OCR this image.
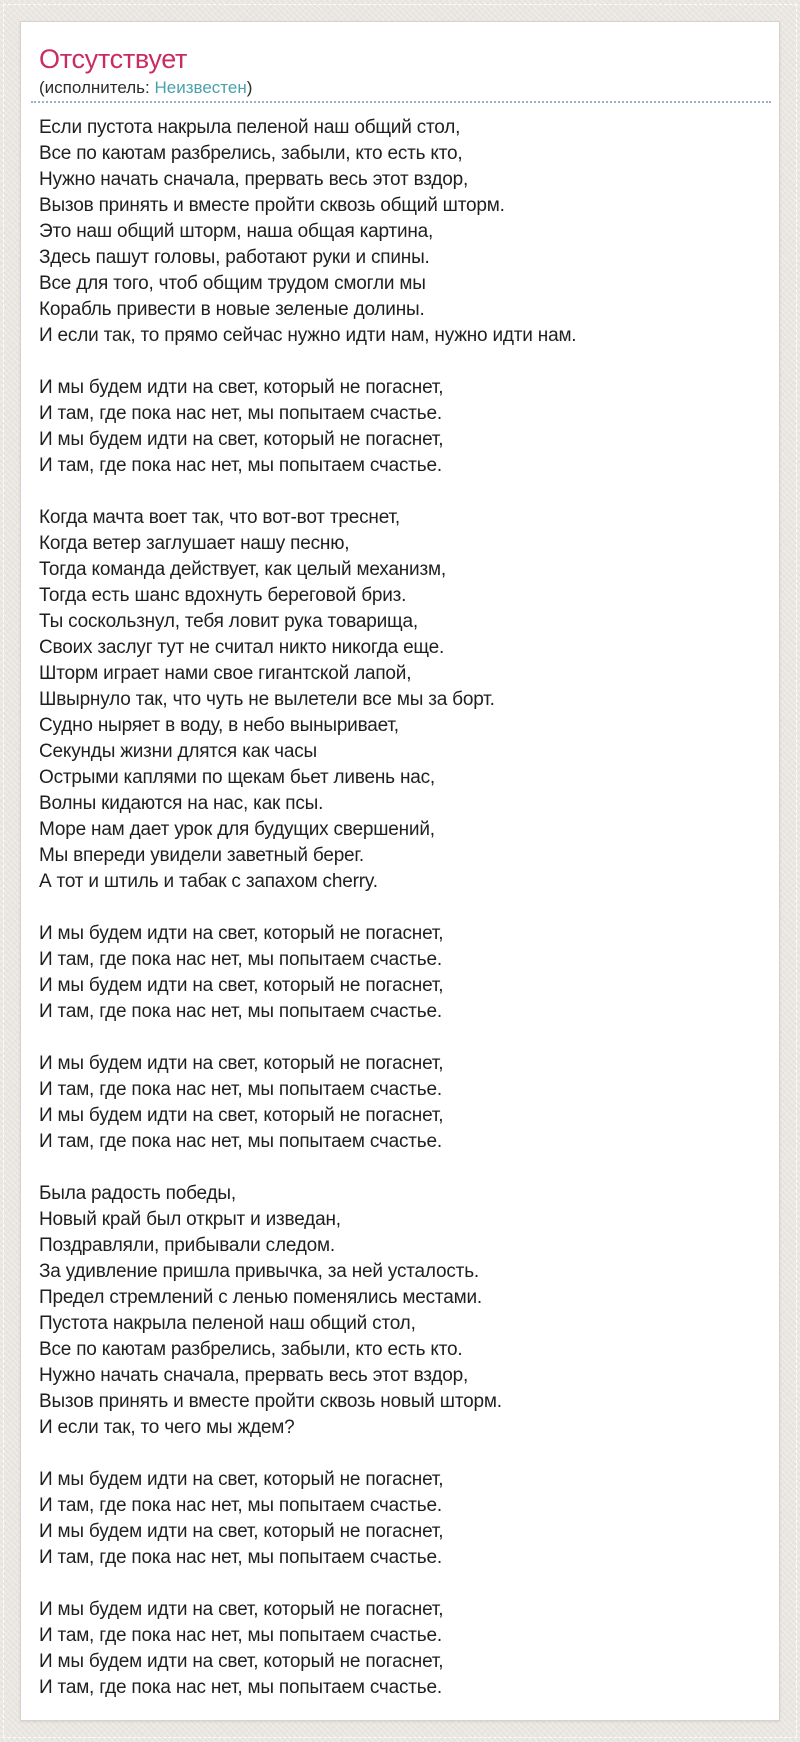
Отсутствует
(исполнитель: Неизвестен)
Если пустота накрыла пеленой наш общий стол,
Все по каютам разбрелись, забыли, кто есть кто,
Нужно начать сначала, прервать весь этот вздор,
Вызов принять и вместе пройти сквозь общий шторм.
Это наш общий шторм, наша общая картина,
Здесь пашут головы, работают руки и спины.
Все для того, чтоб общим трудом смогли мы
Корабль привести в новые зеленые долины.
И если так, то прямо сейчас нужно идти нам, нужно идти нам.
И мы будем идти на свет, который не погаснет,
И там, где пока нас нет, мы попытаем счастье.
И мы будем идти на свет, который не погаснет,
И там, где пока нас нет, мы попытаем счастье.
Когда мачта воет так, что вот-вот треснет,
Когда ветер заглушает нашу песню,
Тогда команда действует, как целый механизм,
Тогда есть шанс вдохнуть береговой бриз.
Ты соскользнул, тебя ловит рука товарища,
Своих заслуг тут не считал никто никогда еще.
Шторм играет нами свое гигантской лапой,
Швырнуло так, что чуть не вылетели все мы за борт.
Судно ныряет в воду, в небо выныривает,
Секунды жизни длятся как часы
Острыми каплями по щекам бьет ливень нас,
Волны кидаются на нас, как псы.
Море нам дает урок для будущих свершений,
Мы впереди увидели заветный берег.
А тот и штиль и табак с запахом cherry.
И мы будем идти на свет, который не погаснет,
И там, где пока нас нет, мы попытаем счастье.
И мы будем идти на свет, который не погаснет,
И там, где пока нас нет, мы попытаем счастье.
И мы будем идти на свет, который не погаснет,
И там, где пока нас нет, мы попытаем счастье.
И мы будем идти на свет, который не погаснет,
И там, где пока нас нет, мы попытаем счастье.
Была радость победы,
Новый край был открыт и изведан,
Поздравляли, прибывали следом.
За удивление пришла привычка, за ней усталость.
Предел стремлений с ленью поменялись местами.
Пустота накрыла пеленой наш общий стол,
Все по каютам разбрелись, забыли, кто есть кто.
Нужно начать сначала, прервать весь этот вздор,
Вызов принять и вместе пройти сквозь новый шторм.
И если так, то чего мы ждем?
И мы будем идти на свет, который не погаснет,
И там, где пока нас нет, мы попытаем счастье.
И мы будем идти на свет, который не погаснет,
И там, где пока нас нет, мы попытаем счастье.
И мы будем идти на свет, который не погаснет,
И там, где пока нас нет, мы попытаем счастье.
И мы будем идти на свет, который не погаснет,
И там, где пока нас нет, мы попытаем счастье.
